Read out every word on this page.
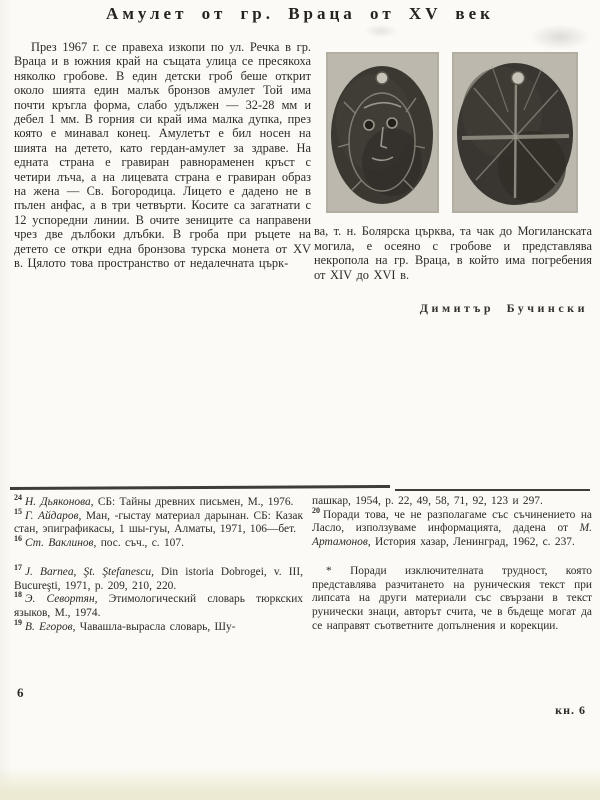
Амулет от гр. Враца от XV век

През 1967 г. се правеха изкопи по ул. Речка в гр. Враца и в южния край на същата улица се пресякоха няколко гробове. В един детски гроб беше открит около шията един малък бронзов амулет Той има почти кръгла форма, слабо удължен — 32-28 мм и дебел 1 мм. В горния си край има малка дупка, през която е минавал конец. Амулетът е бил носен на шията на детето, като гердан-амулет за здраве. На едната страна е гравиран равнораменен кръст с четири лъча, а на лицевата страна е гравиран образ на жена — Св. Богородица. Лицето е дадено не в пълен анфас, а в три четвърти. Косите са загатнати с 12 успоредни линии. В очите зениците са направени чрез две дълбоки длъбки. В гроба при ръцете на детето се откри една бронзова турска монета от XV в. Цялото това пространство от недалечната църк-

ва, т. н. Болярска църква, та чак до Могиланската могила, е осеяно с гробове и представлява некропола на гр. Враца, в който има погребения от XIV до XVI в.

Димитър Бучински

$^{24}$ Н. Дьяконова, СБ: Тайны древних письмен, М., 1976.

$^{15}$ Г. Айдаров, Ман, -гыстау материал дарынан. СБ: Казак стан, эпиграфикасы, 1 шы-гуы, Алматы, 1971, 106—бет.

$^{16}$ Ст. Ваклинов, пос. съч., с. 107.

$^{17}$ J. Barnea, Şt. Ştefanescu, Din istoria Dobrogei, v. III, Bucureşti, 1971, p. 209, 210, 220.

$^{18}$ Э. Севортян, Этимологический словарь тюркских языков, М., 1974.

$^{19}$ В. Егоров, Чавашла-вырасла словарь, Шу-

пашкар, 1954, p. 22, 49, 58, 71, 92, 123 и 297.

$^{20}$ Поради това, че не разполагаме със съчинението на Ласло, използуваме информацията, дадена от М. Артамонов, История хазар, Ленинград, 1962, с. 237.

* Поради изключителната трудност, която представлява разчитането на руническия текст при липсата на други материали със свързани в текст рунически знаци, авторът счита, че в бъдеще могат да се направят съответните допълнения и корекции.

6
кн. 6
